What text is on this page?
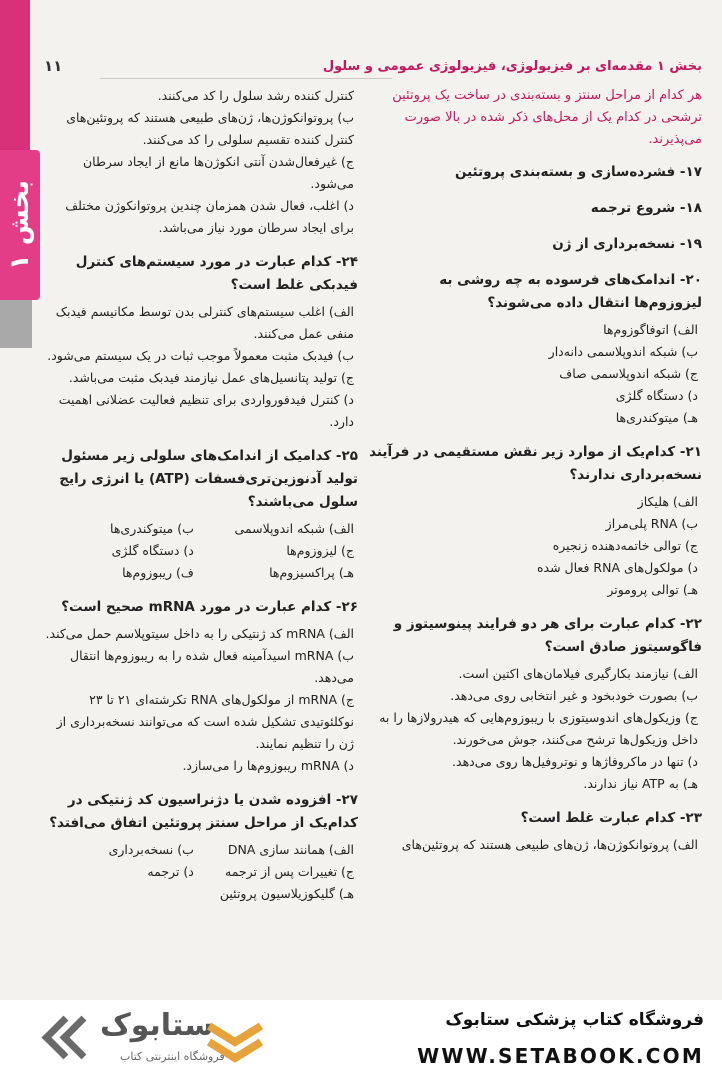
بخش ۱
بخش ۱ مقدمه‌ای بر فیزیولوژی، فیزیولوژی عمومی و سلول
۱۱
هر کدام از مراحل سنتز و بسته‌بندی در ساخت یک پروتئین ترشحی در کدام یک از محل‌های ذکر شده در بالا صورت می‌پذیرند.
۱۷- فشرده‌سازی و بسته‌بندی پروتئین
۱۸- شروع ترجمه
۱۹- نسخه‌برداری از ژن
۲۰- اندامک‌های فرسوده به چه روشی به لیزوزوم‌ها انتقال داده می‌شوند؟
الف) اتوفاگوزوم‌ها
ب) شبکه اندوپلاسمی دانه‌دار
ج) شبکه اندوپلاسمی صاف
د) دستگاه گلژی
هـ) میتوکندری‌ها
۲۱- کدام‌یک از موارد زیر نقش مستقیمی در فرآیند نسخه‌برداری ندارند؟
الف) هلیکاز
ب) RNA پلی‌مراز
ج) توالی خاتمه‌دهنده زنجیره
د) مولکول‌های RNA فعال شده
هـ) توالی پروموتر
۲۲- کدام عبارت برای هر دو فرایند پینوسیتوز و فاگوسیتوز صادق است؟
الف) نیازمند بکارگیری فیلامان‌های اکتین است.
ب) بصورت خودبخود و غیر انتخابی روی می‌دهد.
ج) وزیکول‌های اندوسیتوزی با ریبوزوم‌هایی که هیدرولازها را به داخل وزیکول‌ها ترشح می‌کنند، جوش می‌خورند.
د) تنها در ماکروفاژها و نوتروفیل‌ها روی می‌دهد.
هـ) به ATP نیاز ندارند.
۲۳- کدام عبارت غلط است؟
الف) پروتوانکوژن‌ها، ژن‌های طبیعی هستند که پروتئین‌های
کنترل کننده رشد سلول را کد می‌کنند.
ب) پروتوانکوژن‌ها، ژن‌های طبیعی هستند که پروتئین‌های کنترل کننده تقسیم سلولی را کد می‌کنند.
ج) غیرفعال‌شدن آنتی انکوژن‌ها مانع از ایجاد سرطان می‌شود.
د) اغلب، فعال شدن همزمان چندین پروتوانکوژن مختلف برای ایجاد سرطان مورد نیاز می‌باشد.
۲۴- کدام عبارت در مورد سیستم‌های کنترل فیدبکی غلط است؟
الف) اغلب سیستم‌های کنترلی بدن توسط مکانیسم فیدبک منفی عمل می‌کنند.
ب) فیدبک مثبت معمولاً موجب ثبات در یک سیستم می‌شود.
ج) تولید پتانسیل‌های عمل نیازمند فیدبک مثبت می‌باشد.
د) کنترل فیدفورواردی برای تنظیم فعالیت عضلانی اهمیت دارد.
۲۵- کدامیک از اندامک‌های سلولی زیر مسئول تولید آدنوزین‌تری‌فسفات (ATP) یا انرژی رایج سلول می‌باشند؟
الف) شبکه اندوپلاسمی
ب) میتوکندری‌ها
ج) لیزوزوم‌ها
د) دستگاه گلژی
هـ) پراکسیزوم‌ها
ف) ریبوزوم‌ها
۲۶- کدام عبارت در مورد mRNA صحیح است؟
الف) mRNA کد ژنتیکی را به داخل سیتوپلاسم حمل می‌کند.
ب) mRNA اسیدآمینه فعال شده را به ریبوزوم‌ها انتقال می‌دهد.
ج) mRNA از مولکول‌های RNA تکرشته‌ای ۲۱ تا ۲۳ نوکلئوتیدی تشکیل شده است که می‌توانند نسخه‌برداری از ژن را تنظیم نمایند.
د) mRNA ریبوزوم‌ها را می‌سازد.
۲۷- افزوده شدن یا دژنراسیون کد ژنتیکی در کدام‌یک از مراحل سنتز پروتئین اتفاق می‌افتد؟
الف) همانند سازی DNA
ب) نسخه‌برداری
ج) تغییرات پس از ترجمه
د) ترجمه
هـ) گلیکوزیلاسیون پروتئین
ستابوک
فروشگاه اینترنتی کتاب
فروشگاه کتاب پزشکی ستابوک
WWW.SETABOOK.COM
